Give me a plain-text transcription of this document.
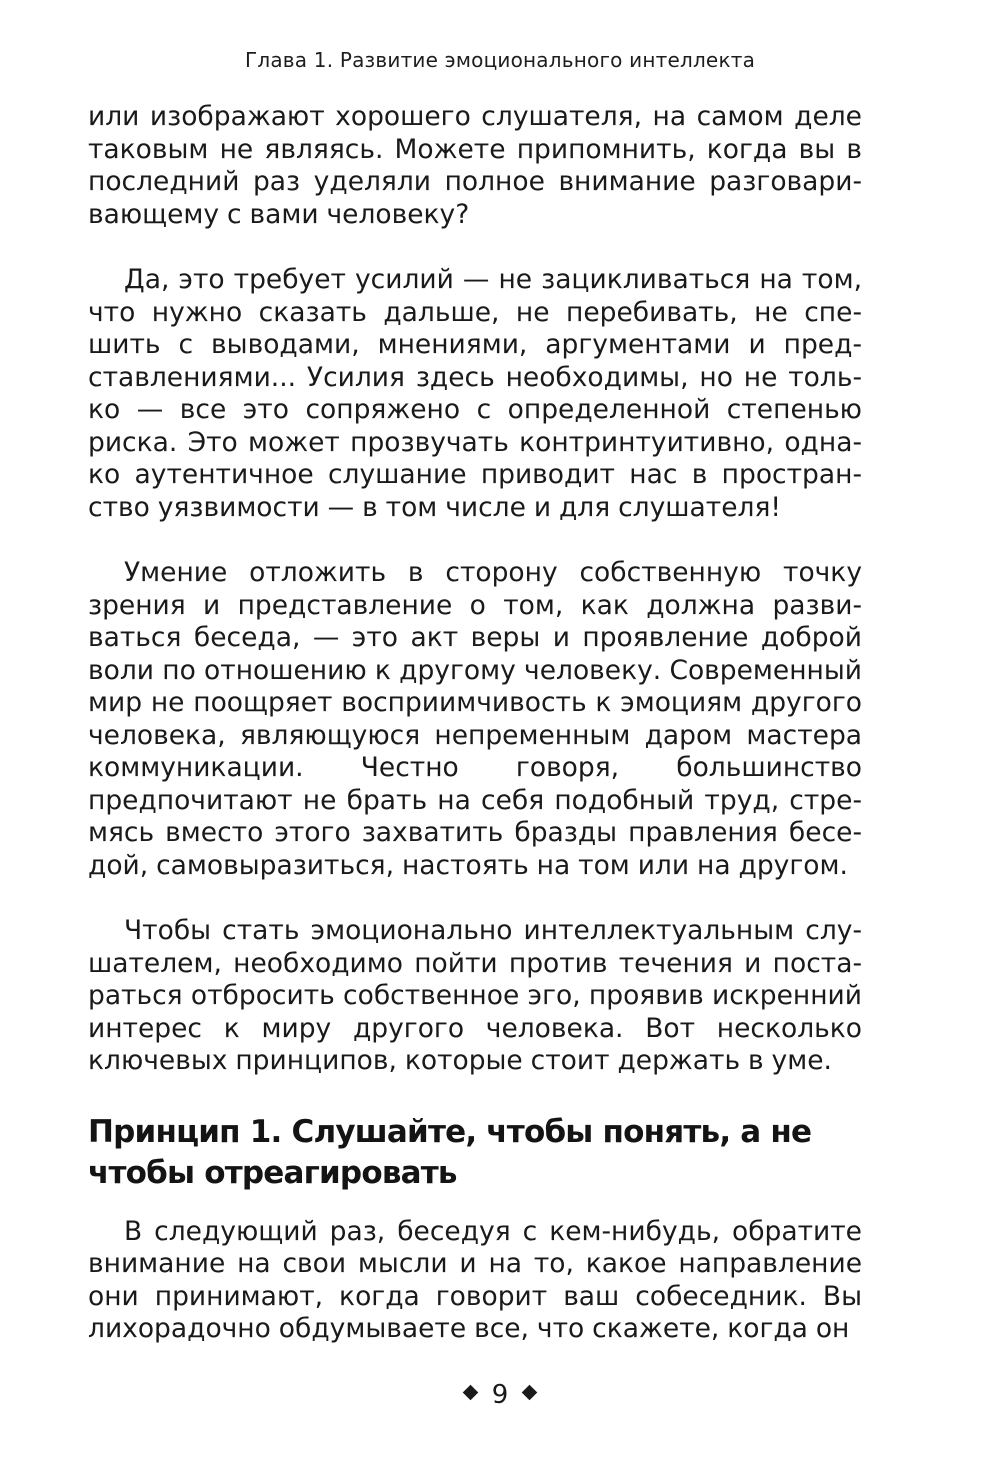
Глава 1. Развитие эмоционального интеллекта

или изображают хорошего слушателя, на самом деле таковым не являясь. Можете припомнить, когда вы в последний раз уделяли полное внимание разговаривающему с вами человеку?

Да, это требует усилий — не зацикливаться на том, что нужно сказать дальше, не перебивать, не спешить с выводами, мнениями, аргументами и представлениями... Усилия здесь необходимы, но не только — все это сопряжено с определенной степенью риска. Это может прозвучать контринтуитивно, однако аутентичное слушание приводит нас в пространство уязвимости — в том числе и для слушателя!

Умение отложить в сторону собственную точку зрения и представление о том, как должна развиваться беседа, — это акт веры и проявление доброй воли по отношению к другому человеку. Современный мир не поощряет восприимчивость к эмоциям другого человека, являющуюся непременным даром мастера коммуникации. Честно говоря, большинство предпочитают не брать на себя подобный труд, стремясь вместо этого захватить бразды правления беседой, самовыразиться, настоять на том или на другом.

Чтобы стать эмоционально интеллектуальным слушателем, необходимо пойти против течения и постараться отбросить собственное эго, проявив искренний интерес к миру другого человека. Вот несколько ключевых принципов, которые стоит держать в уме.

Принцип 1. Слушайте, чтобы понять, а не чтобы отреагировать

В следующий раз, беседуя с кем-нибудь, обратите внимание на свои мысли и на то, какое направление они принимают, когда говорит ваш собеседник. Вы лихорадочно обдумываете все, что скажете, когда он

9
